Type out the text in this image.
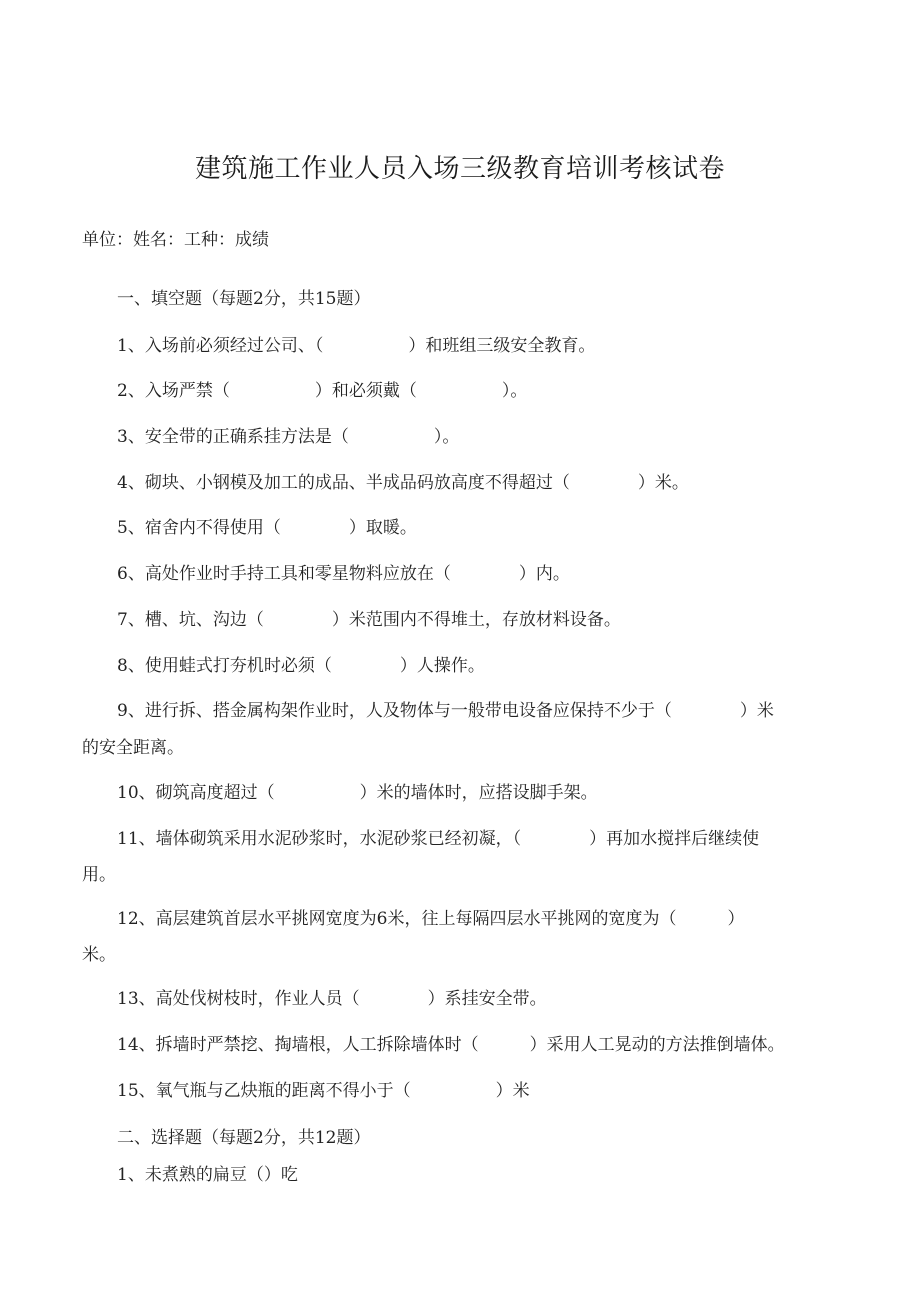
建筑施工作业人员入场三级教育培训考核试卷
单位：姓名：工种：成绩
一、填空题（每题2分，共15题）
1、入场前必须经过公司、（　　　　　）和班组三级安全教育。
2、入场严禁（　　　　　）和必须戴（　　　　　）。
3、安全带的正确系挂方法是（　　　　　）。
4、砌块、小钢模及加工的成品、半成品码放高度不得超过（　　　　）米。
5、宿舍内不得使用（　　　　）取暖。
6、高处作业时手持工具和零星物料应放在（　　　　）内。
7、槽、坑、沟边（　　　　）米范围内不得堆土，存放材料设备。
8、使用蛙式打夯机时必须（　　　　）人操作。
9、进行拆、搭金属构架作业时，人及物体与一般带电设备应保持不少于（　　　　）米
的安全距离。
10、砌筑高度超过（　　　　　）米的墙体时，应搭设脚手架。
11、墙体砌筑采用水泥砂浆时，水泥砂浆已经初凝，（　　　　）再加水搅拌后继续使
用。
12、高层建筑首层水平挑网宽度为6米，往上每隔四层水平挑网的宽度为（　　　）
米。
13、高处伐树枝时，作业人员（　　　　）系挂安全带。
14、拆墙时严禁挖、掏墙根，人工拆除墙体时（　　　）采用人工晃动的方法推倒墙体。
15、氧气瓶与乙炔瓶的距离不得小于（　　　　　）米
二、选择题（每题2分，共12题）
1、未煮熟的扁豆（）吃
